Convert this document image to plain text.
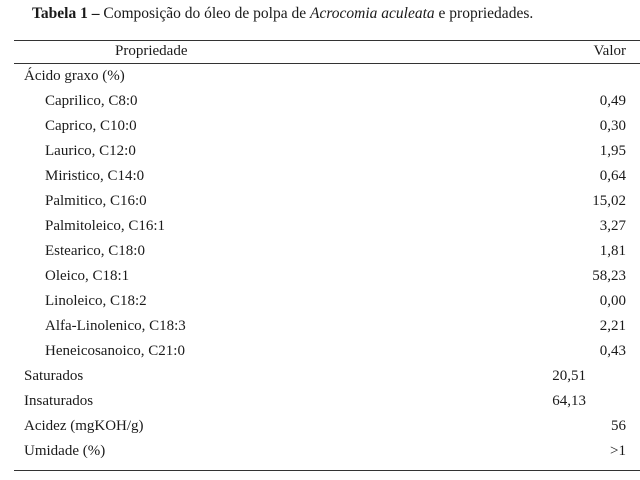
Tabela 1 – Composição do óleo de polpa de Acrocomia aculeata e propriedades.
Propriedade	Valor
Ácido graxo (%)
Caprilico, C8:0	0,49
Caprico, C10:0	0,30
Laurico, C12:0	1,95
Miristico, C14:0	0,64
Palmitico, C16:0	15,02
Palmitoleico, C16:1	3,27
Estearico, C18:0	1,81
Oleico, C18:1	58,23
Linoleico, C18:2	0,00
Alfa-Linolenico, C18:3	2,21
Heneicosanoico, C21:0	0,43
Saturados	20,51
Insaturados	64,13
Acidez (mgKOH/g)	56
Umidade (%)	>1
